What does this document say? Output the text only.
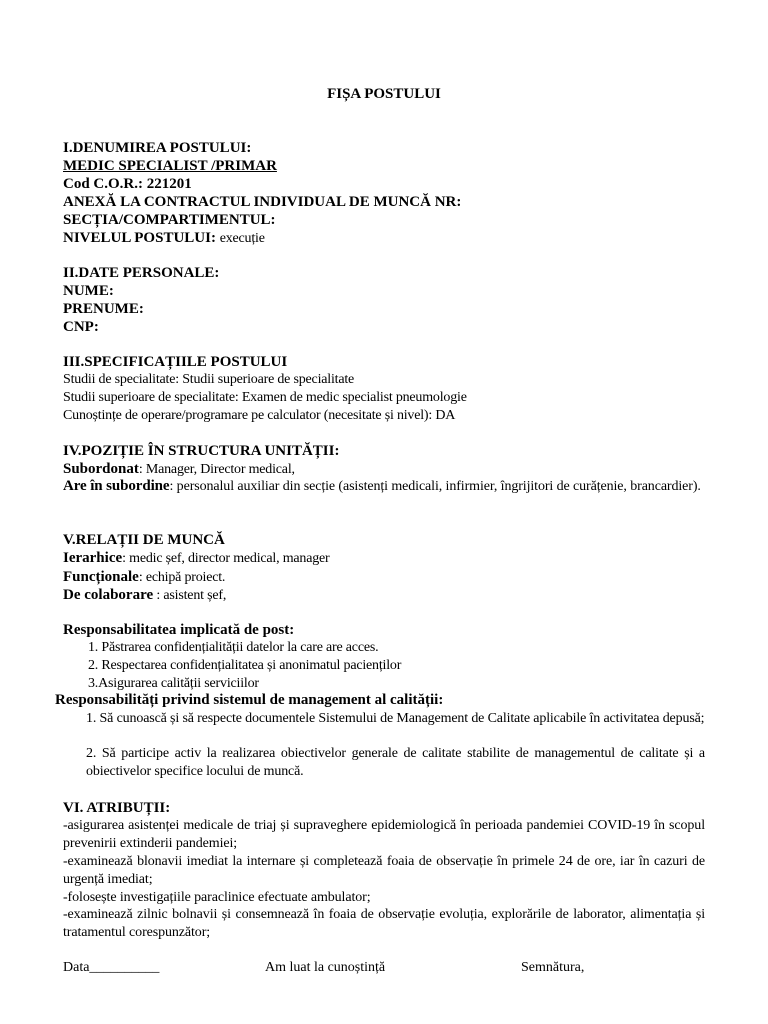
FIȘA POSTULUI
I.DENUMIREA POSTULUI:
MEDIC SPECIALIST /PRIMAR
Cod C.O.R.: 221201
ANEXĂ LA CONTRACTUL INDIVIDUAL DE MUNCĂ NR:
SECȚIA/COMPARTIMENTUL:
NIVELUL POSTULUI: execuție
II.DATE PERSONALE:
NUME:
PRENUME:
CNP:
III.SPECIFICAȚIILE POSTULUI
Studii de specialitate: Studii superioare de specialitate
Studii superioare de specialitate: Examen de medic specialist pneumologie
Cunoștințe de operare/programare pe calculator (necesitate și nivel): DA
IV.POZIȚIE ÎN STRUCTURA UNITĂȚII:
Subordonat: Manager, Director medical,
Are în subordine: personalul auxiliar din secție (asistenți medicali, infirmier, îngrijitori de curățenie, brancardier).
V.RELAȚII DE MUNCĂ
Ierarhice: medic șef, director medical, manager
Funcționale: echipă proiect.
De colaborare : asistent șef,
Responsabilitatea implicată de post:
1. Păstrarea confidențialității datelor la care are acces.
2. Respectarea confidențialitatea și anonimatul pacienților
3.Asigurarea calității serviciilor
Responsabilități privind sistemul de management al calității:
1. Să cunoască și să respecte documentele Sistemului de Management de Calitate aplicabile în activitatea depusă;
2. Să participe activ la realizarea obiectivelor generale de calitate stabilite de managementul de calitate și a obiectivelor specifice locului de muncă.
VI. ATRIBUȚII:
-asigurarea asistenței medicale de triaj și supraveghere epidemiologică în perioada pandemiei COVID-19 în scopul prevenirii extinderii pandemiei;
-examinează blonavii imediat la internare și completează foaia de observație în primele 24 de ore, iar în cazuri de urgență imediat;
-folosește investigațiile paraclinice efectuate ambulator;
-examinează zilnic bolnavii și consemnează în foaia de observație evoluția, explorările de laborator, alimentația și tratamentul corespunzător;
Data__________	Am luat la cunoștință	Semnătura,
